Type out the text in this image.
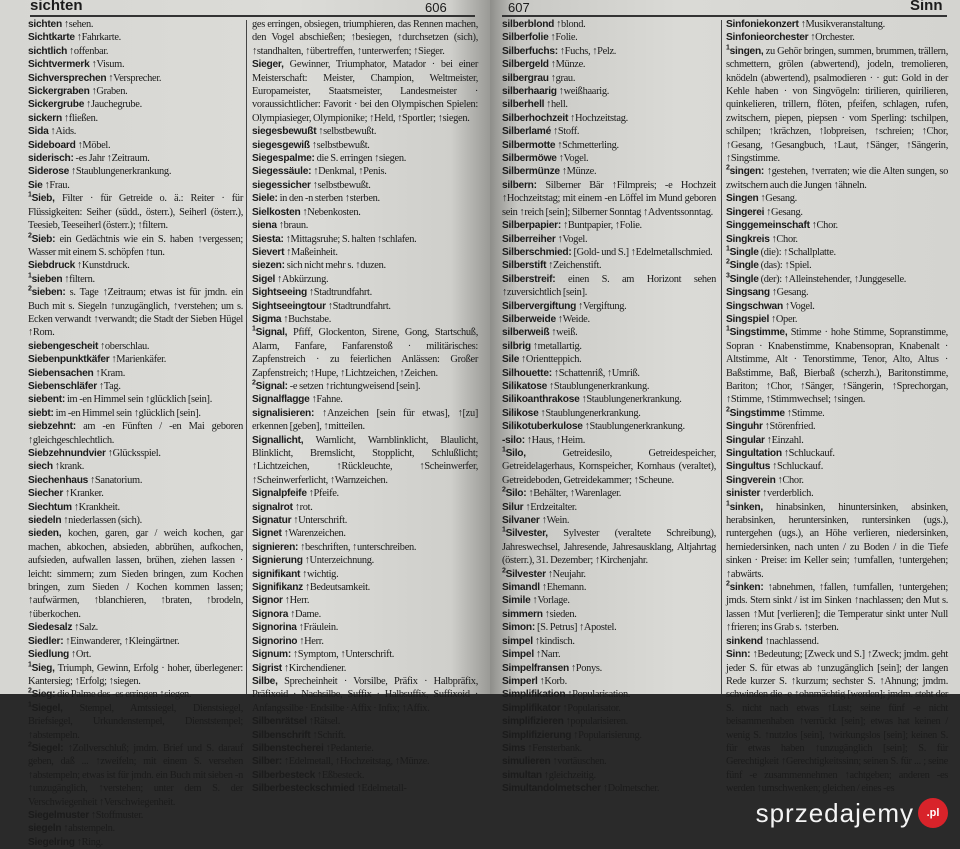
sichten	606

sichten ↑sehen.

Sichtkarte ↑Fahrkarte.

sichtlich ↑offenbar.

Sichtvermerk ↑Visum.

Sichversprechen ↑Versprecher.

Sickergraben ↑Graben.

Sickergrube ↑Jauchegrube.

sickern ↑fließen.

Sida ↑Aids.

Sideboard ↑Möbel.

siderisch: -es Jahr ↑Zeitraum.

Siderose ↑Staublungenerkrankung.

Sie ↑Frau.

$^1$Sieb, Filter · für Getreide o. ä.: Reiter · für Flüssigkeiten: Seiher (südd., österr.), Seiherl (österr.), Teesieb, Teeseiherl (österr.); ↑filtern.

$^2$Sieb: ein Gedächtnis wie ein S. haben ↑vergessen; Wasser mit einem S. schöpfen ↑tun.

Siebdruck ↑Kunstdruck.

$^1$sieben ↑filtern.

$^2$sieben: s. Tage ↑Zeitraum; etwas ist für jmdn. ein Buch mit s. Siegeln ↑unzugänglich, ↑verstehen; um s. Ecken verwandt ↑verwandt; die Stadt der Sieben Hügel ↑Rom.

siebengescheit ↑oberschlau.

Siebenpunktkäfer ↑Marienkäfer.

Siebensachen ↑Kram.

Siebenschläfer ↑Tag.

siebent: im -en Himmel sein ↑glücklich [sein].

siebt: im -en Himmel sein ↑glücklich [sein].

siebzehnt: am -en Fünften / -en Mai geboren ↑gleichgeschlechtlich.

Siebzehnundvier ↑Glücksspiel.

siech ↑krank.

Siechenhaus ↑Sanatorium.

Siecher ↑Kranker.

Siechtum ↑Krankheit.

siedeln ↑niederlassen (sich).

sieden, kochen, garen, gar / weich kochen, gar machen, abkochen, absieden, abbrühen, aufkochen, aufsieden, aufwallen lassen, brühen, ziehen lassen · leicht: simmern; zum Sieden bringen, zum Kochen bringen, zum Sieden / Kochen kommen lassen; ↑aufwärmen, ↑blanchieren, ↑braten, ↑brodeln, ↑überkochen.

Siedesalz ↑Salz.

Siedler: ↑Einwanderer, ↑Kleingärtner.

Siedlung ↑Ort.

$^1$Sieg, Triumph, Gewinn, Erfolg · hoher, überlegener: Kantersieg; ↑Erfolg; ↑siegen.

$^2$Sieg: die Palme des -es erringen ↑siegen.

$^1$Siegel, Stempel, Amtssiegel, Dienstsiegel, Briefsiegel, Urkundenstempel, Dienststempel; ↑abstempeln.

$^2$Siegel: ↑Zollverschluß; jmdm. Brief und S. darauf geben, daß ... ↑zweifeln; mit einem S. versehen ↑abstempeln; etwas ist für jmdn. ein Buch mit sieben -n ↑unzugänglich, ↑verstehen; unter dem S. der Verschwiegenheit ↑Verschwiegenheit.

Siegelmuster ↑Stoffmuster.

siegeln ↑abstempeln.

Siegelring ↑Ring.

ges erringen, obsiegen, triumphieren, das Rennen machen, den Vogel abschießen; ↑besiegen, ↑durchsetzen (sich), ↑standhalten, ↑übertreffen, ↑unterwerfen; ↑Sieger.

Sieger, Gewinner, Triumphator, Matador · bei einer Meisterschaft: Meister, Champion, Weltmeister, Europameister, Staatsmeister, Landesmeister · voraussichtlicher: Favorit · bei den Olympischen Spielen: Olympiasieger, Olympionike; ↑Held, ↑Sportler; ↑siegen.

siegesbewußt ↑selbstbewußt.

siegesgewiß ↑selbstbewußt.

Siegespalme: die S. erringen ↑siegen.

Siegessäule: ↑Denkmal, ↑Penis.

siegessicher ↑selbstbewußt.

Siele: in den -n sterben ↑sterben.

Sielkosten ↑Nebenkosten.

siena ↑braun.

Siesta: ↑Mittagsruhe; S. halten ↑schlafen.

Sievert ↑Maßeinheit.

siezen: sich nicht mehr s. ↑duzen.

Sigel ↑Abkürzung.

Sightseeing ↑Stadtrundfahrt.

Sightseeingtour ↑Stadtrundfahrt.

Sigma ↑Buchstabe.

$^1$Signal, Pfiff, Glockenton, Sirene, Gong, Startschuß, Alarm, Fanfare, Fanfarenstoß · militärisches: Zapfenstreich · zu feierlichen Anlässen: Großer Zapfenstreich; ↑Hupe, ↑Lichtzeichen, ↑Zeichen.

$^2$Signal: -e setzen ↑richtungweisend [sein].

Signalflagge ↑Fahne.

signalisieren: ↑Anzeichen [sein für etwas], ↑[zu] erkennen [geben], ↑mitteilen.

Signallicht, Warnlicht, Warnblinklicht, Blaulicht, Blinklicht, Bremslicht, Stopplicht, Schlußlicht; ↑Lichtzeichen, ↑Rückleuchte, ↑Scheinwerfer, ↑Scheinwerferlicht, ↑Warnzeichen.

Signalpfeife ↑Pfeife.

signalrot ↑rot.

Signatur ↑Unterschrift.

Signet ↑Warenzeichen.

signieren: ↑beschriften, ↑unterschreiben.

Signierung ↑Unterzeichnung.

signifikant ↑wichtig.

Signifikanz ↑Bedeutsamkeit.

Signor ↑Herr.

Signora ↑Dame.

Signorina ↑Fräulein.

Signorino ↑Herr.

Signum: ↑Symptom, ↑Unterschrift.

Sigrist ↑Kirchendiener.

Silbe, Sprecheinheit · Vorsilbe, Präfix · Halbpräfix, Präfixoid · Nachsilbe, Suffix · Halbsuffix, Suffixoid · Anfangssilbe · Endsilbe · Affix · Infix; ↑Affix.

Silbenrätsel ↑Rätsel.

Silbenschrift ↑Schrift.

Silbenstecherei ↑Pedanterie.

Silber: ↑Edelmetall, ↑Hochzeitstag, ↑Münze.

Silberbesteck ↑Eßbesteck.

Silberbesteckschmied ↑Edelmetall-

607	Sinn

silberblond ↑blond.

Silberfolie ↑Folie.

Silberfuchs: ↑Fuchs, ↑Pelz.

Silbergeld ↑Münze.

silbergrau ↑grau.

silberhaarig ↑weißhaarig.

silberhell ↑hell.

Silberhochzeit ↑Hochzeitstag.

Silberlamé ↑Stoff.

Silbermotte ↑Schmetterling.

Silbermöwe ↑Vogel.

Silbermünze ↑Münze.

silbern: Silberner Bär ↑Filmpreis; -e Hochzeit ↑Hochzeitstag; mit einem -en Löffel im Mund geboren sein ↑reich [sein]; Silberner Sonntag ↑Adventssonntag.

Silberpapier: ↑Buntpapier, ↑Folie.

Silberreiher ↑Vogel.

Silberschmied: [Gold- und S.] ↑Edelmetallschmied.

Silberstift ↑Zeichenstift.

Silberstreif: einen S. am Horizont sehen ↑zuversichtlich [sein].

Silbervergiftung ↑Vergiftung.

Silberweide ↑Weide.

silberweiß ↑weiß.

silbrig ↑metallartig.

Sile ↑Orientteppich.

Silhouette: ↑Schattenriß, ↑Umriß.

Silikatose ↑Staublungenerkrankung.

Silikoanthrakose ↑Staublungenerkrankung.

Silikose ↑Staublungenerkrankung.

Silikotuberkulose ↑Staublungenerkrankung.

-silo: ↑Haus, ↑Heim.

$^1$Silo,	Getreidesilo, Getreidespeicher, Getreidelagerhaus, Kornspeicher, Kornhaus (veraltet), Getreideboden, Getreidekammer; ↑Scheune.

$^2$Silo: ↑Behälter, ↑Warenlager.

Silur ↑Erdzeitalter.

Silvaner ↑Wein.

$^1$Silvester, Sylvester (veraltete Schreibung), Jahreswechsel, Jahresende, Jahresausklang, Altjahrtag (österr.), 31. Dezember; ↑Kirchenjahr.

$^2$Silvester ↑Neujahr.

Simandl ↑Ehemann.

Simile ↑Vorlage.

simmern ↑sieden.

Simon: [S. Petrus] ↑Apostel.

simpel ↑kindisch.

Simpel ↑Narr.

Simpelfransen ↑Ponys.

Simperl ↑Korb.

Simplifikation ↑Popularisation.

Simplifikator ↑Popularisator.

simplifizieren ↑popularisieren.

Simplifizierung ↑Popularisierung.

Sims ↑Fensterbank.

simulieren ↑vortäuschen.

simultan ↑gleichzeitig.

Simultandolmetscher ↑Dolmetscher.

Sinfoniekonzert ↑Musikveranstaltung.

Sinfonieorchester ↑Orchester.

$^1$singen, zu Gehör bringen, summen, brummen, trällern, schmettern, grölen (abwertend), jodeln, tremolieren, knödeln (abwertend), psalmodieren · · gut: Gold in der Kehle haben · von Singvögeln: tirilieren, quirilieren, quinkelieren, trillern, flöten, pfeifen, schlagen, rufen, zwitschern, piepen, piepsen · vom Sperling: tschilpen, schilpen; ↑krächzen, ↑lobpreisen, ↑schreien; ↑Chor, ↑Gesang, ↑Gesangbuch, ↑Laut, ↑Sänger, ↑Sängerin, ↑Singstimme.

$^2$singen: ↑gestehen, ↑verraten; wie die Alten sungen, so zwitschern auch die Jungen ↑ähneln.

Singen ↑Gesang.

Singerei ↑Gesang.

Singgemeinschaft ↑Chor.

Singkreis ↑Chor.

$^1$Single (die): ↑Schallplatte.

$^2$Single (das): ↑Spiel.

$^3$Single (der): ↑Alleinstehender, ↑Junggeselle.

Singsang ↑Gesang.

Singschwan ↑Vogel.

Singspiel ↑Oper.

$^1$Singstimme, Stimme · hohe Stimme, Sopranstimme, Sopran · Knabenstimme, Knabensopran, Knabenalt · Altstimme, Alt · Tenorstimme, Tenor, Alto, Altus · Baßstimme, Baß, Bierbaß (scherzh.), Baritonstimme, Bariton; ↑Chor, ↑Sänger, ↑Sängerin, ↑Sprechorgan, ↑Stimme, ↑Stimmwechsel; ↑singen.

$^2$Singstimme ↑Stimme.

Singuhr ↑Störenfried.

Singular ↑Einzahl.

Singultation ↑Schluckauf.

Singultus ↑Schluckauf.

Singverein ↑Chor.

sinister ↑verderblich.

$^1$sinken, hinabsinken, hinuntersinken, absinken, herabsinken, heruntersinken, runtersinken (ugs.), runtergehen (ugs.), an Höhe verlieren, niedersinken, herniedersinken, nach unten / zu Boden / in die Tiefe sinken · Preise: im Keller sein; ↑umfallen, ↑untergehen; ↑abwärts.

$^2$sinken: ↑abnehmen, ↑fallen, ↑umfallen, ↑untergehen; jmds. Stern sinkt / ist im Sinken ↑nachlassen; den Mut s. lassen ↑Mut [verlieren]; die Temperatur sinkt unter Null ↑frieren; ins Grab s. ↑sterben.

sinkend ↑nachlassend.

Sinn: ↑Bedeutung; [Zweck und S.] ↑Zweck; jmdm. geht jeder S. für etwas ab ↑unzugänglich [sein]; der langen Rede kurzer S. ↑kurzum; sechster S. ↑Ahnung; jmdm. schwinden die -e ↑ohnmächtig [werden]; jmdm. steht der S. nicht nach etwas ↑Lust; seine fünf -e nicht beisammenhaben ↑verrückt [sein]; etwas hat keinen / wenig S. ↑nutzlos [sein], ↑wirkungslos [sein]; keinen S. für etwas haben ↑unzugänglich [sein]; S. für Gerechtigkeit ↑Gerechtigkeitssinn; seinen S. für ... ; seine fünf -e zusammennehmen ↑achtgeben; anderen -es werden ↑umschwenken; gleichen / eines -es

sprzedajemy .pl
